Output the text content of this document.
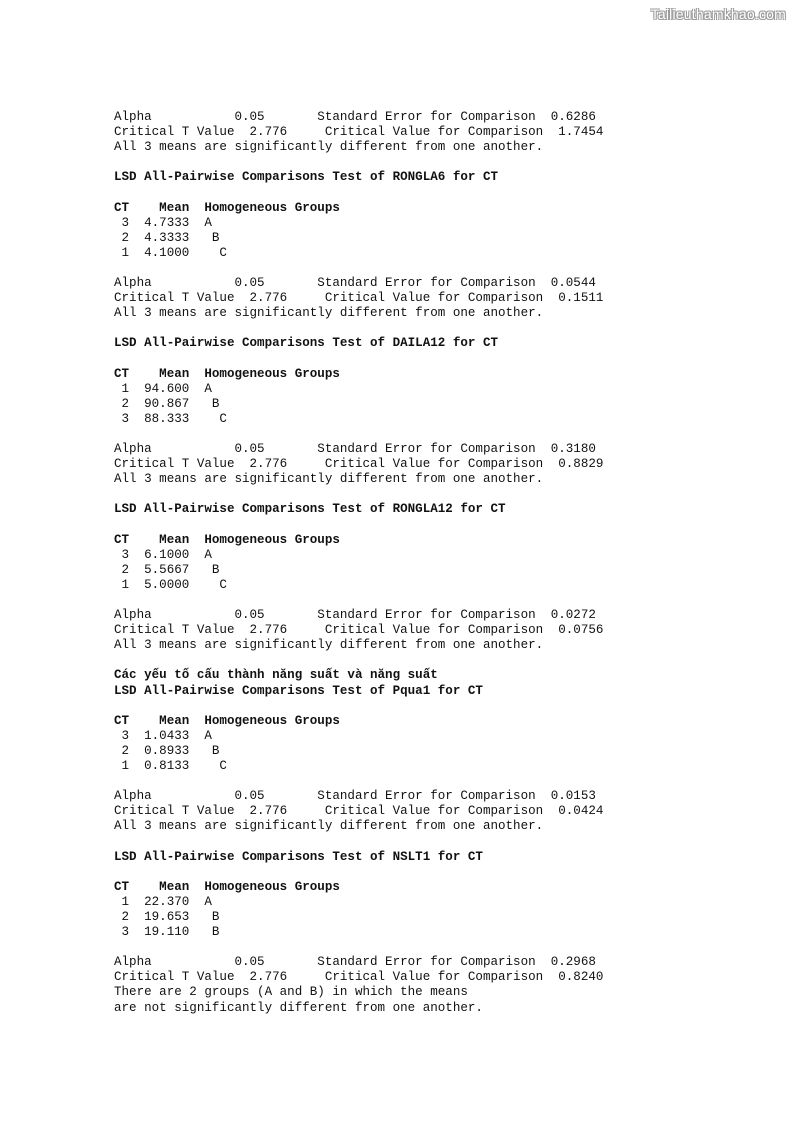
Tailieuthamkhao.com
Alpha           0.05       Standard Error for Comparison  0.6286
Critical T Value  2.776     Critical Value for Comparison  1.7454
All 3 means are significantly different from one another.
LSD All-Pairwise Comparisons Test of RONGLA6 for CT
CT    Mean  Homogeneous Groups
3  4.7333  A
2  4.3333   B
1  4.1000    C
Alpha           0.05       Standard Error for Comparison  0.0544
Critical T Value  2.776     Critical Value for Comparison  0.1511
All 3 means are significantly different from one another.
LSD All-Pairwise Comparisons Test of DAILA12 for CT
CT    Mean  Homogeneous Groups
1  94.600  A
2  90.867   B
3  88.333    C
Alpha           0.05       Standard Error for Comparison  0.3180
Critical T Value  2.776     Critical Value for Comparison  0.8829
All 3 means are significantly different from one another.
LSD All-Pairwise Comparisons Test of RONGLA12 for CT
CT    Mean  Homogeneous Groups
3  6.1000  A
2  5.5667   B
1  5.0000    C
Alpha           0.05       Standard Error for Comparison  0.0272
Critical T Value  2.776     Critical Value for Comparison  0.0756
All 3 means are significantly different from one another.
Các yếu tố cấu thành năng suất và năng suất
LSD All-Pairwise Comparisons Test of Pqua1 for CT
CT    Mean  Homogeneous Groups
3  1.0433  A
2  0.8933   B
1  0.8133    C
Alpha           0.05       Standard Error for Comparison  0.0153
Critical T Value  2.776     Critical Value for Comparison  0.0424
All 3 means are significantly different from one another.
LSD All-Pairwise Comparisons Test of NSLT1 for CT
CT    Mean  Homogeneous Groups
1  22.370  A
2  19.653   B
3  19.110   B
Alpha           0.05       Standard Error for Comparison  0.2968
Critical T Value  2.776     Critical Value for Comparison  0.8240
There are 2 groups (A and B) in which the means
are not significantly different from one another.
